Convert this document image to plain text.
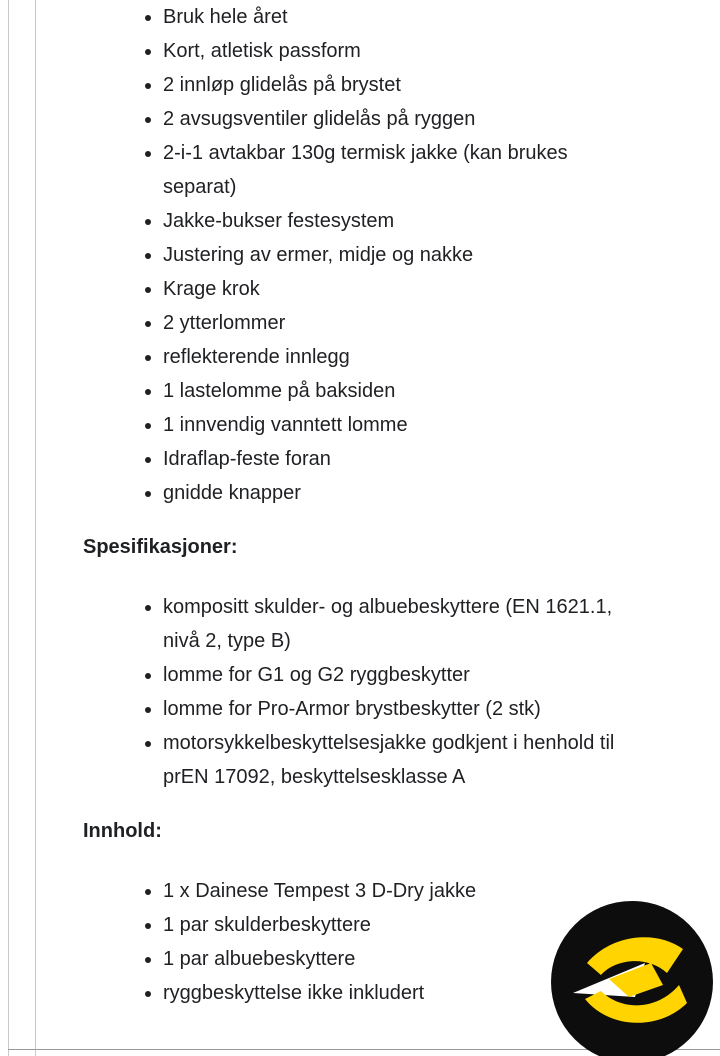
• Bruk hele året
• Kort, atletisk passform
• 2 innløp glidelås på brystet
• 2 avsugsventiler glidelås på ryggen
• 2-i-1 avtakbar 130g termisk jakke (kan brukes separat)
• Jakke-bukser festesystem
• Justering av ermer, midje og nakke
• Krage krok
• 2 ytterlommer
• reflekterende innlegg
• 1 lastelomme på baksiden
• 1 innvendig vanntett lomme
• Idraflap-feste foran
• gnidde knapper
Spesifikasjoner:
• kompositt skulder- og albuebeskyttere (EN 1621.1, nivå 2, type B)
• lomme for G1 og G2 ryggbeskytter
• lomme for Pro-Armor brystbeskytter (2 stk)
• motorsykkelbeskyttelsesjakke godkjent i henhold til prEN 17092, beskyttelsesklasse A
Innhold:
• 1 x Dainese Tempest 3 D-Dry jakke
• 1 par skulderbeskyttere
• 1 par albuebeskyttere
• ryggbeskyttelse ikke inkludert
